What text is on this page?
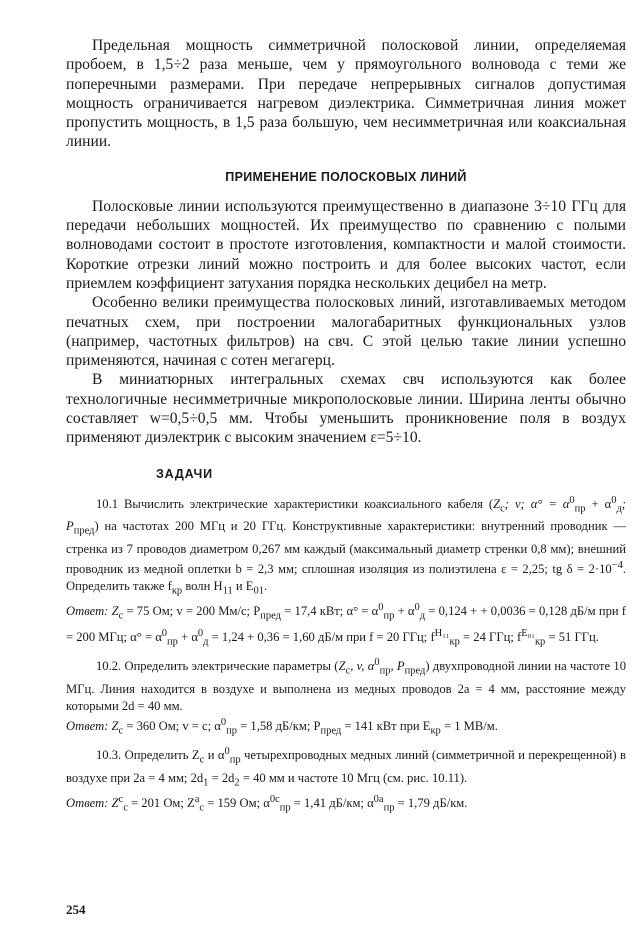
Предельная мощность симметричной полосковой линии, определяемая пробоем, в 1,5÷2 раза меньше, чем у прямоугольного волновода с теми же поперечными размерами. При передаче непрерывных сигналов допустимая мощность ограничивается нагревом диэлектрика. Симметричная линия может пропустить мощность, в 1,5 раза большую, чем несимметричная или коаксиальная линии.

ПРИМЕНЕНИЕ ПОЛОСКОВЫХ ЛИНИЙ

Полосковые линии используются преимущественно в диапазоне 3÷10 ГГц для передачи небольших мощностей. Их преимущество по сравнению с полыми волноводами состоит в простоте изготовления, компактности и малой стоимости. Короткие отрезки линий можно построить и для более высоких частот, если приемлем коэффициент затухания порядка нескольких децибел на метр.

Особенно велики преимущества полосковых линий, изготавливаемых методом печатных схем, при построении малогабаритных функциональных узлов (например, частотных фильтров) на свч. С этой целью такие линии успешно применяются, начиная с сотен мегагерц.

В миниатюрных интегральных схемах свч используются как более технологичные несимметричные микрополосковые линии. Ширина ленты обычно составляет w=0,5÷0,5 мм. Чтобы уменьшить проникновение поля в воздух применяют диэлектрик с высоким значением ε=5÷10.

ЗАДАЧИ

10.1 Вычислить электрические характеристики коаксиального кабеля ($Z_c$; v; $\alpha^\circ = \alpha^0_{пр} + \alpha^0_д$; $P_{пред}$) на частотах 200 МГц и 20 ГГц. Конструктивные характеристики: внутренний проводник — стренка из 7 проводов диаметром 0,267 мм каждый (максимальный диаметр стренки 0,8 мм); внешний проводник из медной оплетки b = 2,3 мм; сплошная изоляция из полиэтилена ε = 2,25; tg $\delta = 2\cdot 10^{-4}$. Определить также $f_{кр}$ волн $H_{11}$ и $E_{01}$.

Ответ: $Z_c = 75$ Ом; v = 200 Мм/с; $P_{пред} = 17,4$ кВт; $\alpha^\circ = \alpha^0_{пр} + \alpha^0_д = 0,124$ + + 0,0036 = 0,128 дБ/м при f = 200 МГц; $\alpha^\circ = \alpha^0_{пр} + \alpha^0_д = 1,24 + 0,36 = 1,60$ дБ/м при f = 20 ГГц; $f^{H_{11}}_{кр} = 24$ ГГц; $f^{E_{01}}_{кр} = 51$ ГГц.

10.2. Определить электрические параметры ($Z_c$, v, $\alpha^0_{пр}$, $P_{пред}$) двухпроводной линии на частоте 10 МГц. Линия находится в воздухе и выполнена из медных проводов 2a = 4 мм, расстояние между которыми 2d = 40 мм.

Ответ: $Z_c = 360$ Ом; v = c; $\alpha^0_{пр} = 1,58$ дБ/км; $P_{пред} = 141$ кВт при $E_{кр} = 1$ МВ/м.

10.3. Определить $Z_c$ и $\alpha^0_{пр}$ четырехпроводных медных линий (симметричной и перекрещенной) в воздухе при 2a = 4 мм; $2d_1 = 2d_2 = 40$ мм и частоте 10 Мгц (см. рис. 10.11).

Ответ: $Z^c_c = 201$ Ом; $Z^a_c = 159$ Ом; $\alpha^{0c}_{пр} = 1,41$ дБ/км; $\alpha^{0a}_{пр} = 1,79$ дБ/км.

254
